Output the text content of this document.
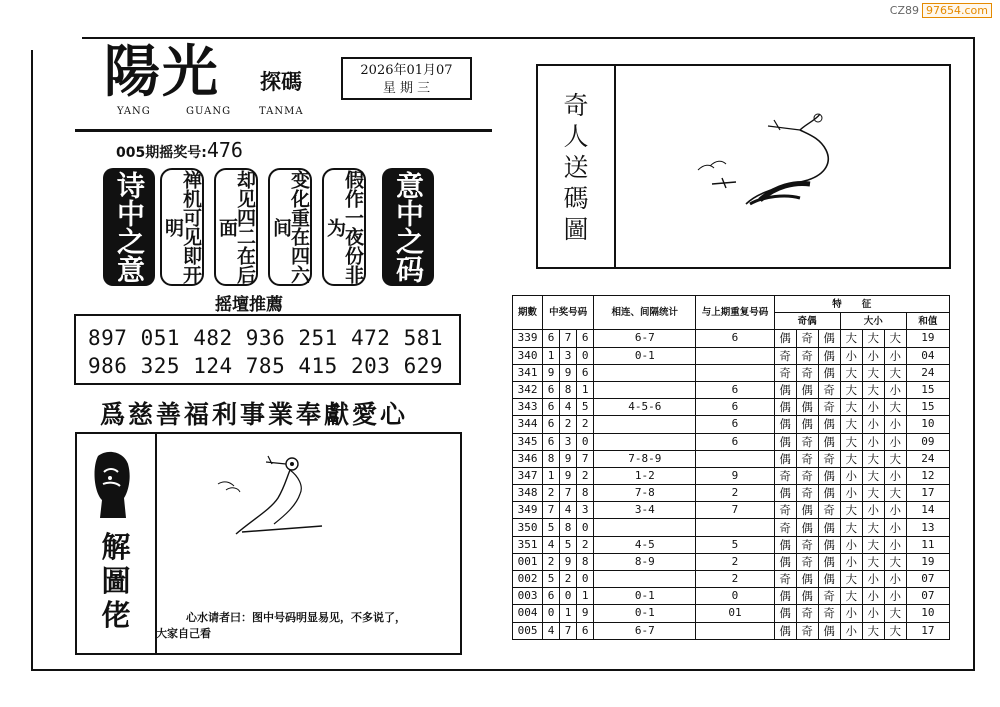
CZ89 97654.com
陽光 探碼
YANG	GUANG	TANMA
2026年01月07
星 期 三
005期摇奖号:476
诗中之意	禅机可见即开明	却见四二在后面	变化重在四六间	假作一夜份非为	意中之码
摇壇推薦
897 051 482 936 251 472 581
986 325 124 785 415 203 629
爲慈善福利事業奉獻愛心
解圖佬	心水请者曰：图中号码明显易见，不多说了，
大家自己看
奇人送碼圖
期數	中奖号码			相连、间隔统计	与上期重复号码	特征						
						奇偶			大小			和值
339	6	7	6	6-7	6	偶	奇	偶	大	大	大	19
340	1	3	0	0-1		奇	奇	偶	小	小	小	04
341	9	9	6			奇	奇	偶	大	大	大	24
342	6	8	1		6	偶	偶	奇	大	大	小	15
343	6	4	5	4-5-6	6	偶	偶	奇	大	小	大	15
344	6	2	2		6	偶	偶	偶	大	小	小	10
345	6	3	0		6	偶	奇	偶	大	小	小	09
346	8	9	7	7-8-9		偶	奇	奇	大	大	大	24
347	1	9	2	1-2	9	奇	奇	偶	小	大	小	12
348	2	7	8	7-8	2	偶	奇	偶	小	大	大	17
349	7	4	3	3-4	7	奇	偶	奇	大	小	小	14
350	5	8	0			奇	偶	偶	大	大	小	13
351	4	5	2	4-5	5	偶	奇	偶	小	大	小	11
001	2	9	8	8-9	2	偶	奇	偶	小	大	大	19
002	5	2	0		2	奇	偶	偶	大	小	小	07
003	6	0	1	0-1	0	偶	偶	奇	大	小	小	07
004	0	1	9	0-1	01	偶	奇	奇	小	小	大	10
005	4	7	6	6-7		偶	奇	偶	小	大	大	17
